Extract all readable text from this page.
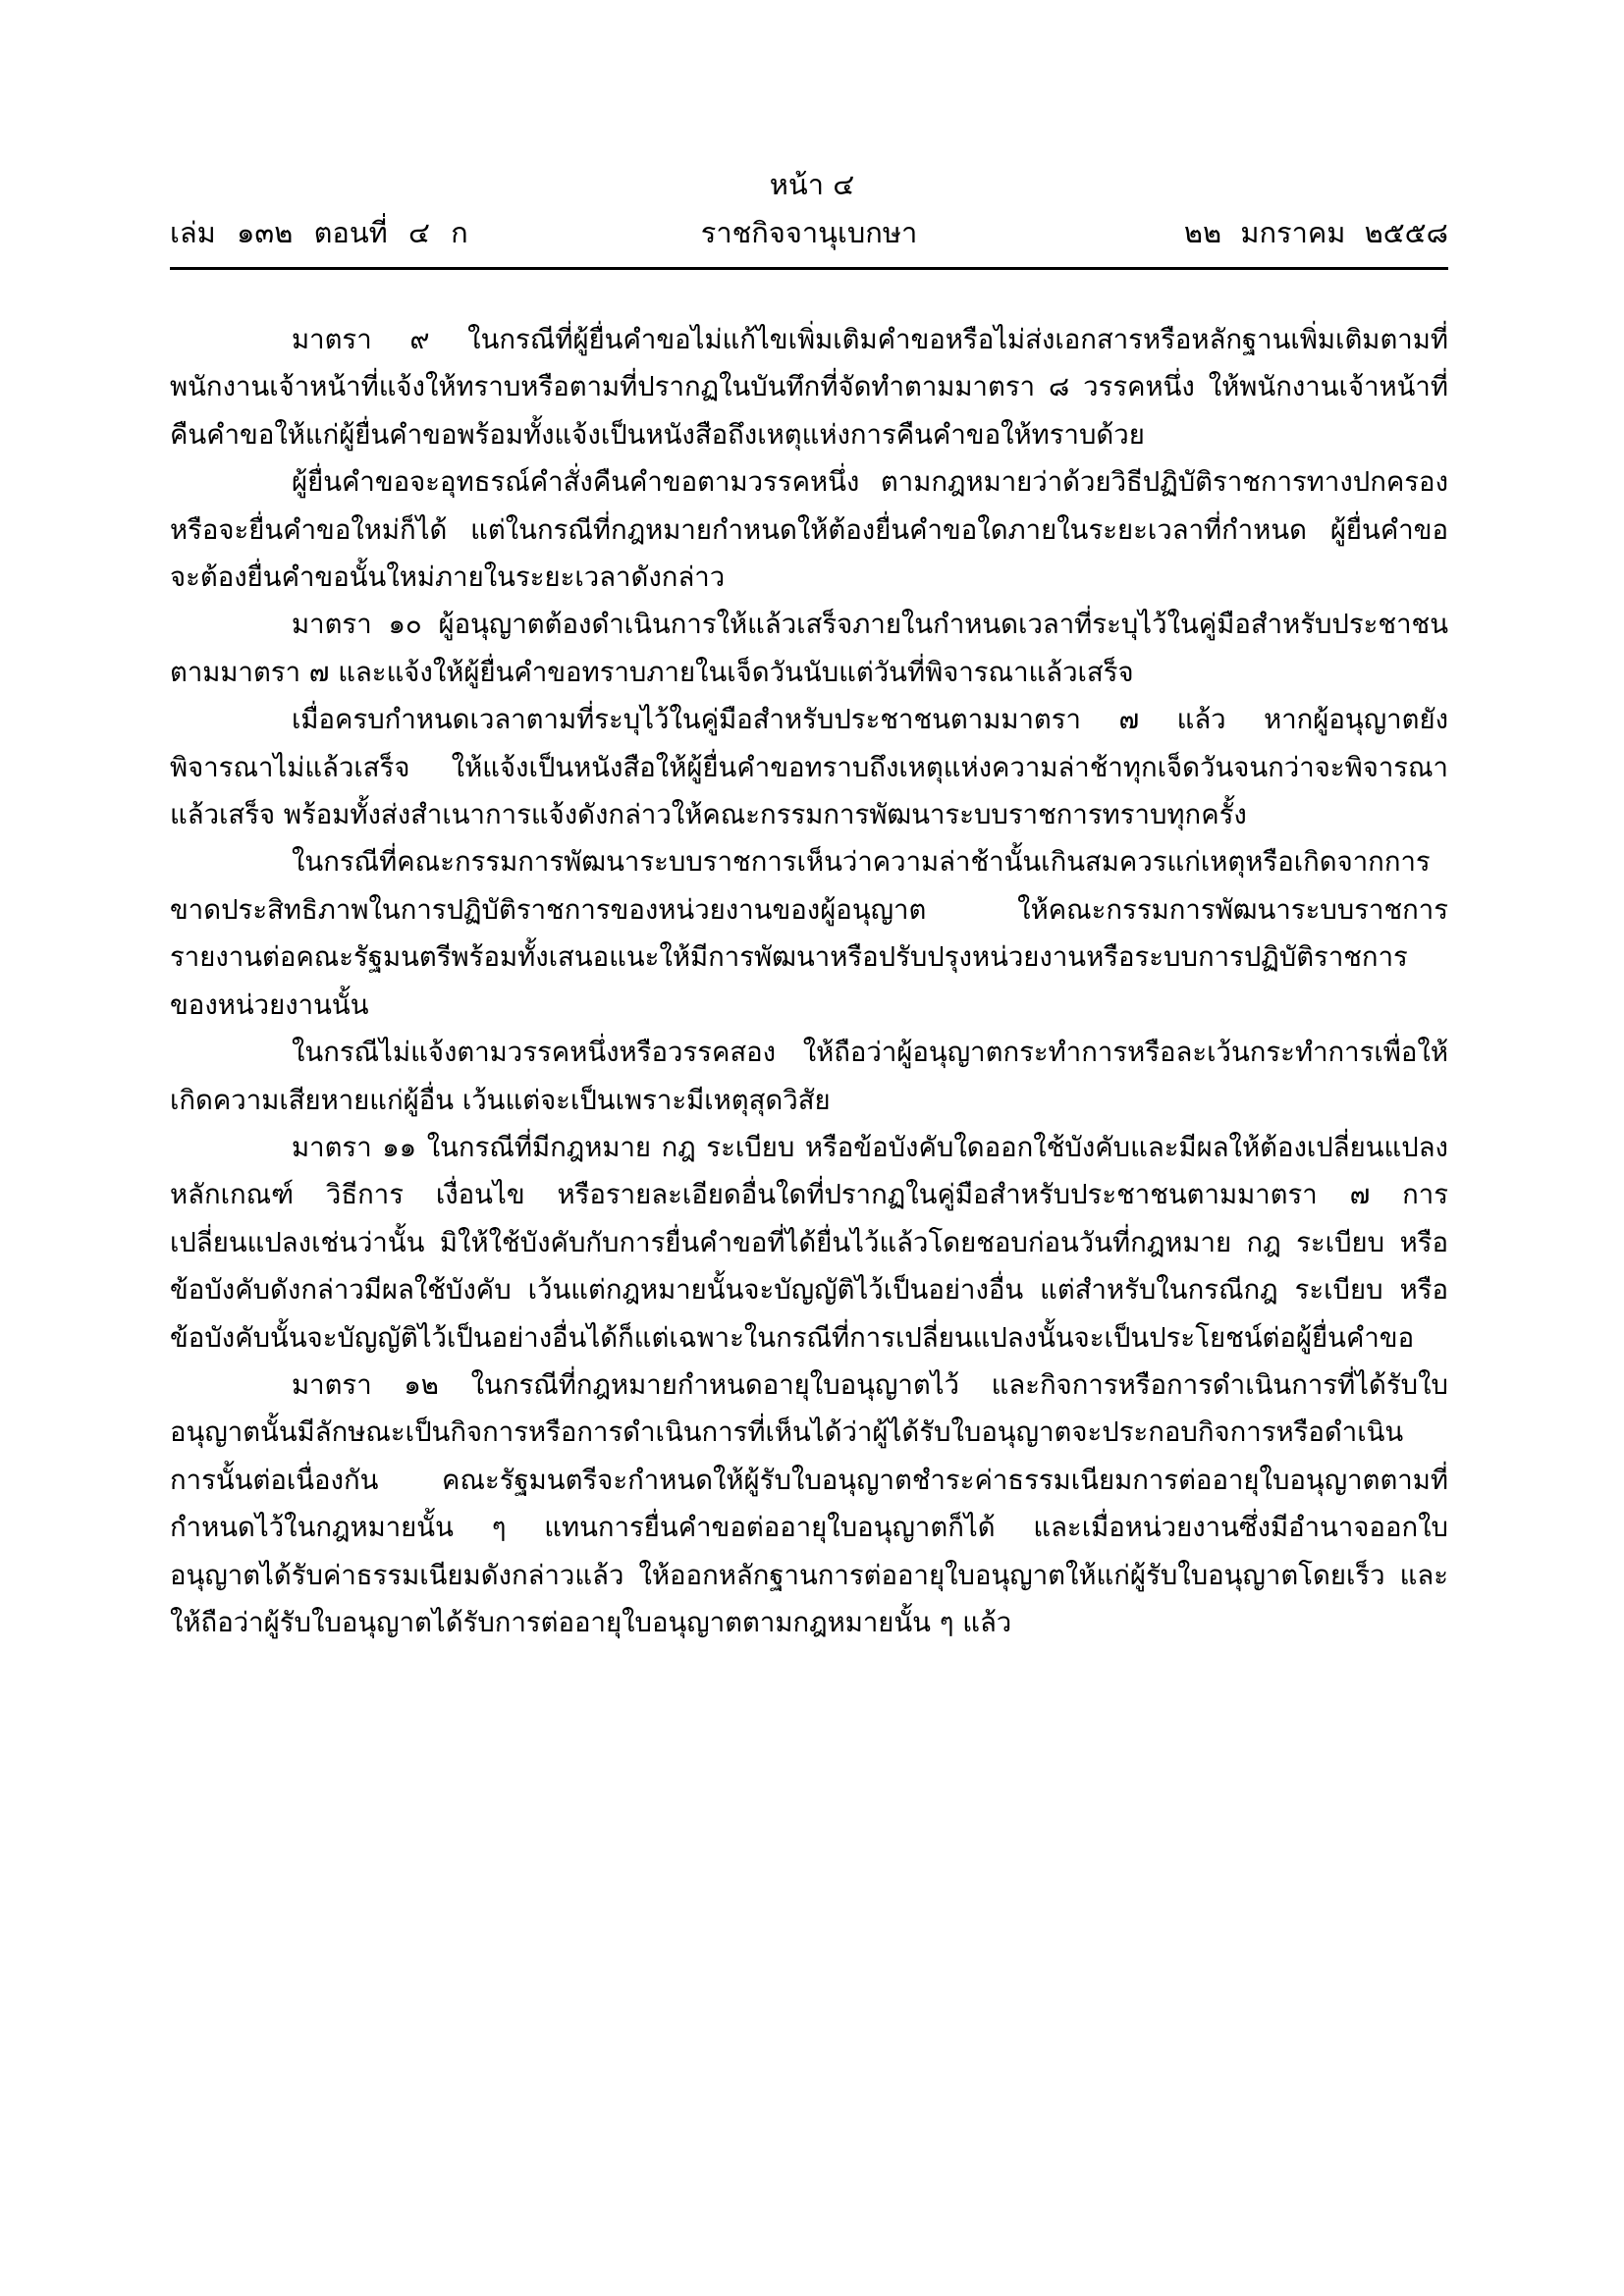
หน้า ๔
ราชกิจจานุเบกษา
เล่ม ๑๓๒ ตอนที่ ๔ ก	๒๒ มกราคม ๒๕๕๘

มาตรา ๙ ในกรณีที่ผู้ยื่นคำขอไม่แก้ไขเพิ่มเติมคำขอหรือไม่ส่งเอกสารหรือหลักฐานเพิ่มเติมตามที่พนักงานเจ้าหน้าที่แจ้งให้ทราบหรือตามที่ปรากฏในบันทึกที่จัดทำตามมาตรา ๘ วรรคหนึ่ง ให้พนักงานเจ้าหน้าที่คืนคำขอให้แก่ผู้ยื่นคำขอพร้อมทั้งแจ้งเป็นหนังสือถึงเหตุแห่งการคืนคำขอให้ทราบด้วย

ผู้ยื่นคำขอจะอุทธรณ์คำสั่งคืนคำขอตามวรรคหนึ่ง ตามกฎหมายว่าด้วยวิธีปฏิบัติราชการทางปกครองหรือจะยื่นคำขอใหม่ก็ได้ แต่ในกรณีที่กฎหมายกำหนดให้ต้องยื่นคำขอใดภายในระยะเวลาที่กำหนด ผู้ยื่นคำขอจะต้องยื่นคำขอนั้นใหม่ภายในระยะเวลาดังกล่าว

มาตรา ๑๐ ผู้อนุญาตต้องดำเนินการให้แล้วเสร็จภายในกำหนดเวลาที่ระบุไว้ในคู่มือสำหรับประชาชนตามมาตรา ๗ และแจ้งให้ผู้ยื่นคำขอทราบภายในเจ็ดวันนับแต่วันที่พิจารณาแล้วเสร็จ

เมื่อครบกำหนดเวลาตามที่ระบุไว้ในคู่มือสำหรับประชาชนตามมาตรา ๗ แล้ว หากผู้อนุญาตยังพิจารณาไม่แล้วเสร็จ ให้แจ้งเป็นหนังสือให้ผู้ยื่นคำขอทราบถึงเหตุแห่งความล่าช้าทุกเจ็ดวันจนกว่าจะพิจารณาแล้วเสร็จ พร้อมทั้งส่งสำเนาการแจ้งดังกล่าวให้คณะกรรมการพัฒนาระบบราชการทราบทุกครั้ง

ในกรณีที่คณะกรรมการพัฒนาระบบราชการเห็นว่าความล่าช้านั้นเกินสมควรแก่เหตุหรือเกิดจากการขาดประสิทธิภาพในการปฏิบัติราชการของหน่วยงานของผู้อนุญาต ให้คณะกรรมการพัฒนาระบบราชการรายงานต่อคณะรัฐมนตรีพร้อมทั้งเสนอแนะให้มีการพัฒนาหรือปรับปรุงหน่วยงานหรือระบบการปฏิบัติราชการของหน่วยงานนั้น

ในกรณีไม่แจ้งตามวรรคหนึ่งหรือวรรคสอง ให้ถือว่าผู้อนุญาตกระทำการหรือละเว้นกระทำการเพื่อให้เกิดความเสียหายแก่ผู้อื่น เว้นแต่จะเป็นเพราะมีเหตุสุดวิสัย

มาตรา ๑๑ ในกรณีที่มีกฎหมาย กฎ ระเบียบ หรือข้อบังคับใดออกใช้บังคับและมีผลให้ต้องเปลี่ยนแปลงหลักเกณฑ์ วิธีการ เงื่อนไข หรือรายละเอียดอื่นใดที่ปรากฏในคู่มือสำหรับประชาชนตามมาตรา ๗ การเปลี่ยนแปลงเช่นว่านั้น มิให้ใช้บังคับกับการยื่นคำขอที่ได้ยื่นไว้แล้วโดยชอบก่อนวันที่กฎหมาย กฎ ระเบียบ หรือข้อบังคับดังกล่าวมีผลใช้บังคับ เว้นแต่กฎหมายนั้นจะบัญญัติไว้เป็นอย่างอื่น แต่สำหรับในกรณีกฎ ระเบียบ หรือข้อบังคับนั้นจะบัญญัติไว้เป็นอย่างอื่นได้ก็แต่เฉพาะในกรณีที่การเปลี่ยนแปลงนั้นจะเป็นประโยชน์ต่อผู้ยื่นคำขอ

มาตรา ๑๒ ในกรณีที่กฎหมายกำหนดอายุใบอนุญาตไว้ และกิจการหรือการดำเนินการที่ได้รับใบอนุญาตนั้นมีลักษณะเป็นกิจการหรือการดำเนินการที่เห็นได้ว่าผู้ได้รับใบอนุญาตจะประกอบกิจการหรือดำเนินการนั้นต่อเนื่องกัน คณะรัฐมนตรีจะกำหนดให้ผู้รับใบอนุญาตชำระค่าธรรมเนียมการต่ออายุใบอนุญาตตามที่กำหนดไว้ในกฎหมายนั้น ๆ แทนการยื่นคำขอต่ออายุใบอนุญาตก็ได้ และเมื่อหน่วยงานซึ่งมีอำนาจออกใบอนุญาตได้รับค่าธรรมเนียมดังกล่าวแล้ว ให้ออกหลักฐานการต่ออายุใบอนุญาตให้แก่ผู้รับใบอนุญาตโดยเร็ว และให้ถือว่าผู้รับใบอนุญาตได้รับการต่ออายุใบอนุญาตตามกฎหมายนั้น ๆ แล้ว
